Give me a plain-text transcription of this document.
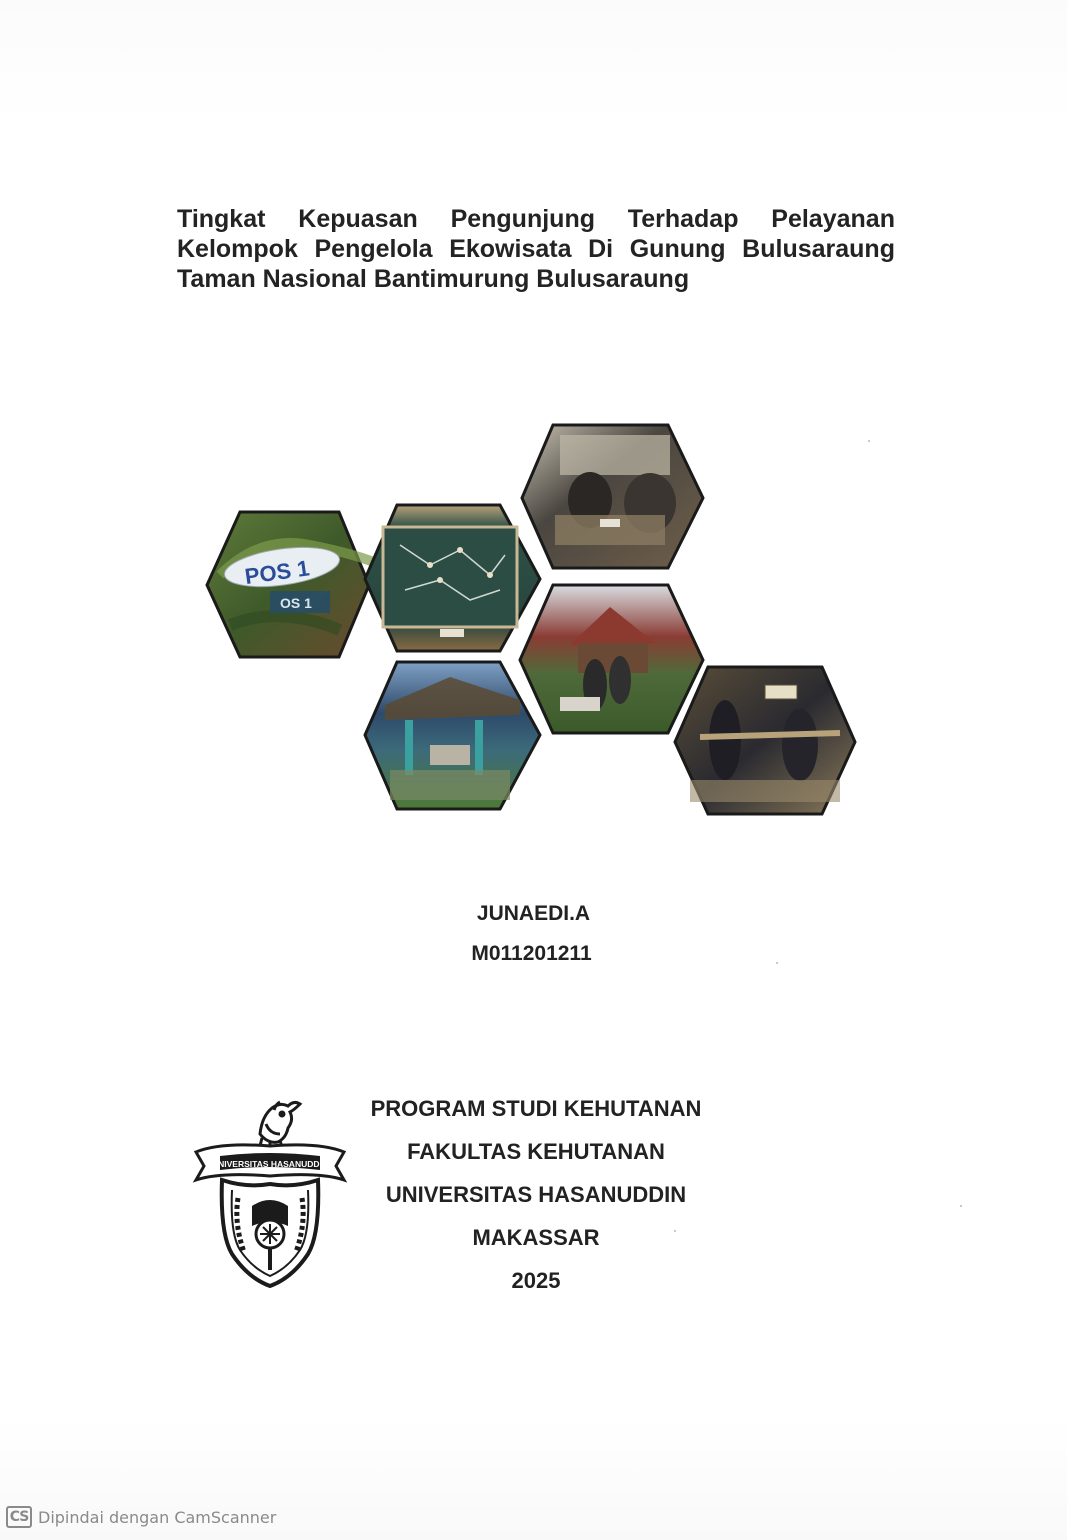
Tingkat Kepuasan Pengunjung Terhadap Pelayanan
Kelompok Pengelola Ekowisata Di Gunung Bulusaraung
Taman Nasional Bantimurung Bulusaraung
POS 1
OS 1
JUNAEDI.A
M011201211
UNIVERSITAS HASANUDDIN
PROGRAM STUDI KEHUTANAN
FAKULTAS KEHUTANAN
UNIVERSITAS HASANUDDIN
MAKASSAR
2025
CS Dipindai dengan CamScanner
